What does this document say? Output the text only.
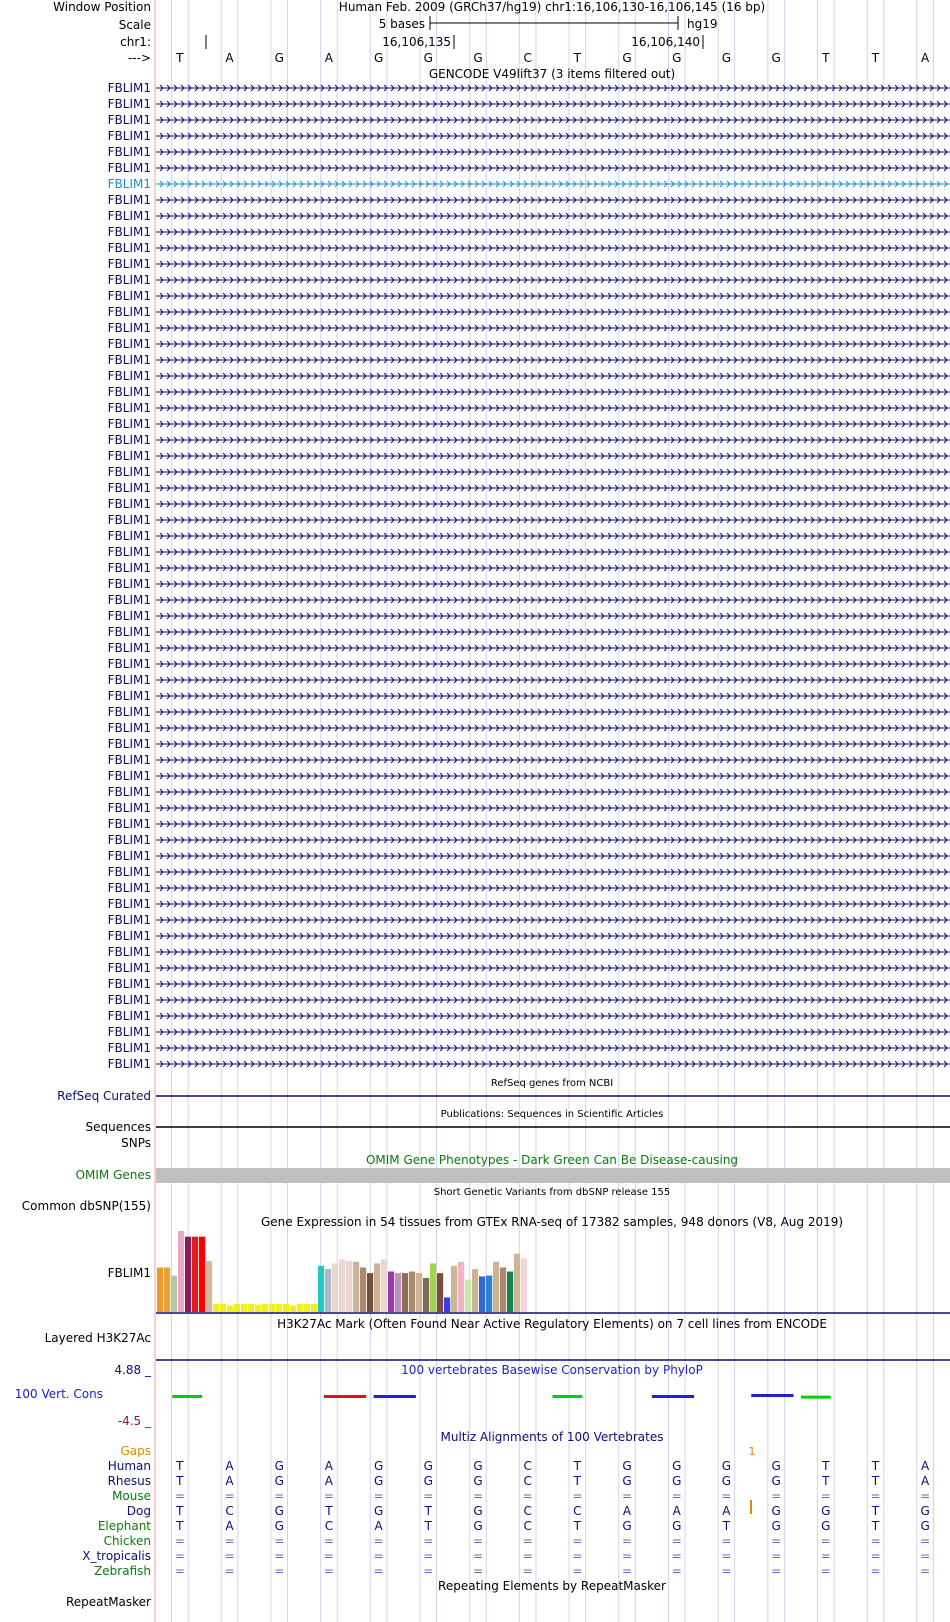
Window Position	Human Feb. 2009 (GRCh37/hg19) chr1:16,106,130-16,106,145 (16 bp)
Scale	5 bases	hg19
chr1:	16,106,135	16,106,140
---> T	A	G	A	G	G	G	C	T	G	G	G	G	T	T	A
GENCODE V49lift37 (3 items filtered out)
FBLIM1
FBLIM1
FBLIM1
FBLIM1
FBLIM1
FBLIM1
FBLIM1
FBLIM1
FBLIM1
FBLIM1
FBLIM1
FBLIM1
FBLIM1
FBLIM1
FBLIM1
FBLIM1
FBLIM1
FBLIM1
FBLIM1
FBLIM1
FBLIM1
FBLIM1
FBLIM1
FBLIM1
FBLIM1
FBLIM1
FBLIM1
FBLIM1
FBLIM1
FBLIM1
FBLIM1
FBLIM1
FBLIM1
FBLIM1
FBLIM1
FBLIM1
FBLIM1
FBLIM1
FBLIM1
FBLIM1
FBLIM1
FBLIM1
FBLIM1
FBLIM1
FBLIM1
FBLIM1
FBLIM1
FBLIM1
FBLIM1
FBLIM1
FBLIM1
FBLIM1
FBLIM1
FBLIM1
FBLIM1
FBLIM1
FBLIM1
FBLIM1
FBLIM1
FBLIM1
FBLIM1
FBLIM1
RefSeq genes from NCBI
RefSeq Curated
Publications: Sequences in Scientific Articles
Sequences
SNPs
OMIM Gene Phenotypes - Dark Green Can Be Disease-causing
OMIM Genes
Short Genetic Variants from dbSNP release 155
Common dbSNP(155)
Gene Expression in 54 tissues from GTEx RNA-seq of 17382 samples, 948 donors (V8, Aug 2019)
FBLIM1
H3K27Ac Mark (Often Found Near Active Regulatory Elements) on 7 cell lines from ENCODE
Layered H3K27Ac
100 vertebrates Basewise Conservation by PhyloP
4.88 _
100 Vert. Cons
-4.5 _
Multiz Alignments of 100 Vertebrates
Gaps	1
Human T	A	G	A	G	G	G	C	T	G	G	G	G	T	T	A
Rhesus T	A	G	A	G	G	G	C	T	G	G	G	G	T	T	A
Mouse =	=	=	=	=	=	=	=	=	=	=	=	=	=	=	=
Dog T	C	G	T	G	T	G	C	C	A	A	A	G	G	T	G
Elephant T	A	G	C	A	T	G	C	T	G	G	T	G	G	T	G
Chicken =	=	=	=	=	=	=	=	=	=	=	=	=	=	=	=
X_tropicalis =	=	=	=	=	=	=	=	=	=	=	=	=	=	=	=
Zebrafish =	=	=	=	=	=	=	=	=	=	=	=	=	=	=	=
Repeating Elements by RepeatMasker
RepeatMasker
